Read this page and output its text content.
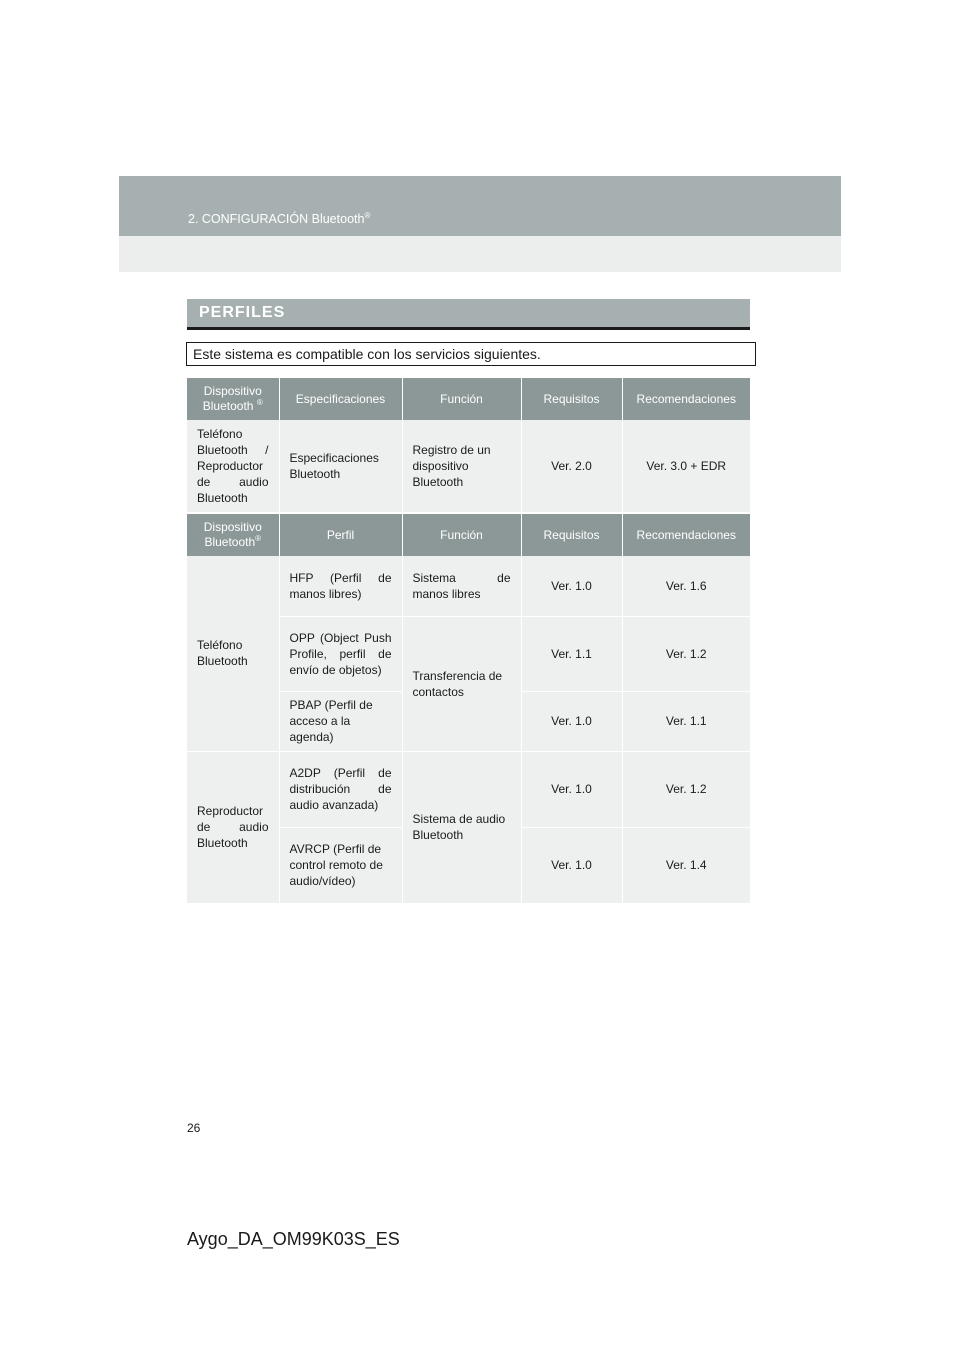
2. CONFIGURACIÓN Bluetooth®
PERFILES
Este sistema es compatible con los servicios siguientes.
Dispositivo Bluetooth ®	Especificaciones	Función	Requisitos	Recomendaciones
Teléfono Bluetooth / Reproductor de audio Bluetooth	Especificaciones Bluetooth	Registro de un dispositivo Bluetooth	Ver. 2.0	Ver. 3.0 + EDR
Dispositivo Bluetooth®	Perfil	Función	Requisitos	Recomendaciones
Teléfono Bluetooth	HFP (Perfil de manos libres)	Sistema de manos libres	Ver. 1.0	Ver. 1.6
	OPP (Object Push Profile, perfil de envío de objetos)	Transferencia de contactos	Ver. 1.1	Ver. 1.2
	PBAP (Perfil de acceso a la agenda)		Ver. 1.0	Ver. 1.1
Reproductor de audio Bluetooth	A2DP (Perfil de distribución de audio avanzada)	Sistema de audio Bluetooth	Ver. 1.0	Ver. 1.2
	AVRCP (Perfil de control remoto de audio/vídeo)		Ver. 1.0	Ver. 1.4
26
Aygo_DA_OM99K03S_ES
